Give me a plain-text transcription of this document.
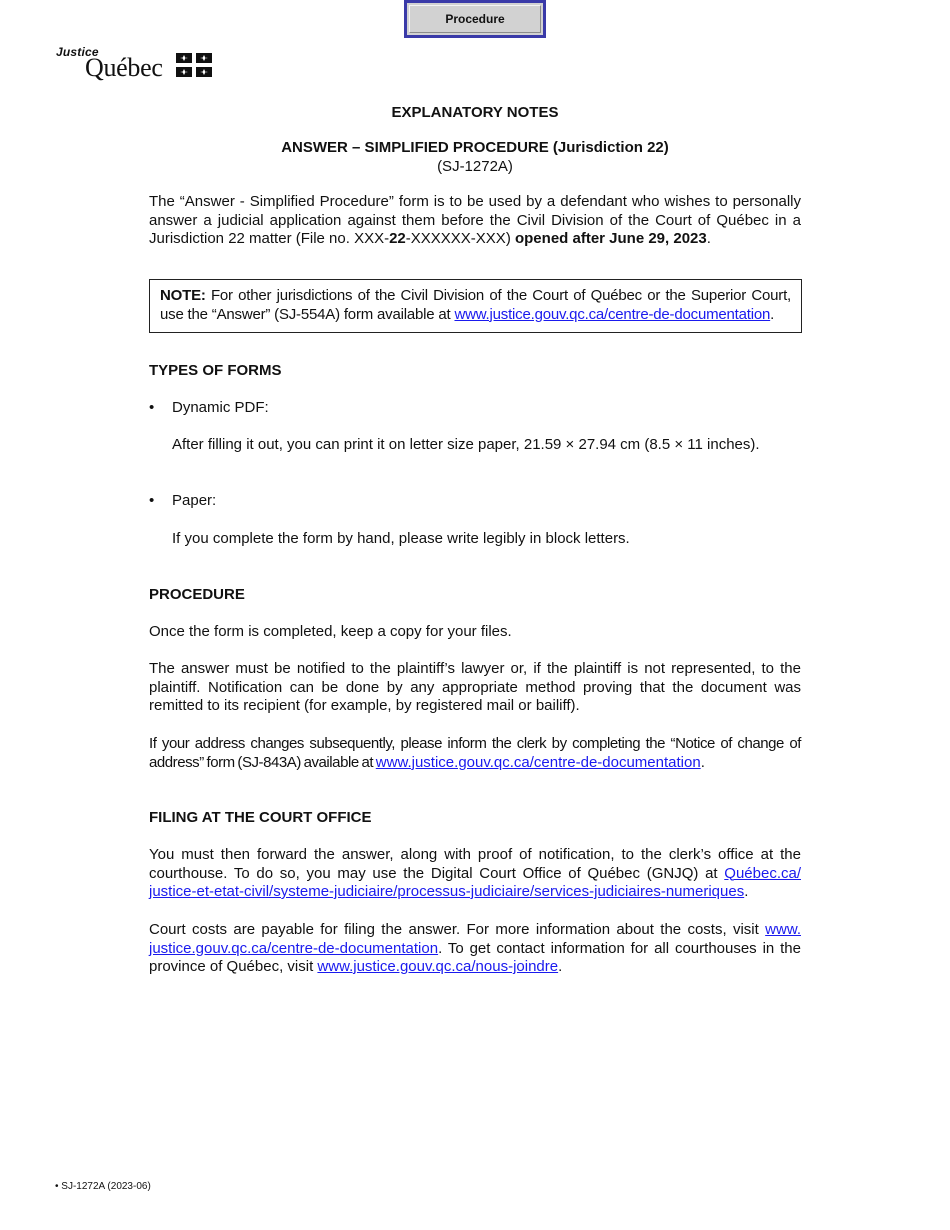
Procedure
Justice
Québec
EXPLANATORY NOTES
ANSWER – SIMPLIFIED PROCEDURE (Jurisdiction 22)
(SJ-1272A)
The “Answer - Simplified Procedure” form is to be used by a defendant who wishes to personally answer a judicial application against them before the Civil Division of the Court of Québec in a Jurisdiction 22 matter (File no. XXX-22-XXXXXX-XXX) opened after June 29, 2023.
NOTE: For other jurisdictions of the Civil Division of the Court of Québec or the Superior Court, use the “Answer” (SJ-554A) form available at www.justice.gouv.qc.ca/centre-de-documentation.
TYPES OF FORMS
• Dynamic PDF:
After filling it out, you can print it on letter size paper, 21.59 × 27.94 cm (8.5 × 11 inches).
• Paper:
If you complete the form by hand, please write legibly in block letters.
PROCEDURE
Once the form is completed, keep a copy for your files.
The answer must be notified to the plaintiff’s lawyer or, if the plaintiff is not represented, to the plaintiff. Notification can be done by any appropriate method proving that the document was remitted to its recipient (for example, by registered mail or bailiff).
If your address changes subsequently, please inform the clerk by completing the “Notice of change of address” form (SJ-843A) available at www.justice.gouv.qc.ca/centre-de-documentation.
FILING AT THE COURT OFFICE
You must then forward the answer, along with proof of notification, to the clerk’s office at the courthouse. To do so, you may use the Digital Court Office of Québec (GNJQ) at Québec.ca/ justice-et-etat-civil/systeme-judiciaire/processus-judiciaire/services-judiciaires-numeriques.
Court costs are payable for filing the answer. For more information about the costs, visit www. justice.gouv.qc.ca/centre-de-documentation. To get contact information for all courthouses in the province of Québec, visit www.justice.gouv.qc.ca/nous-joindre.
• SJ-1272A (2023-06)
